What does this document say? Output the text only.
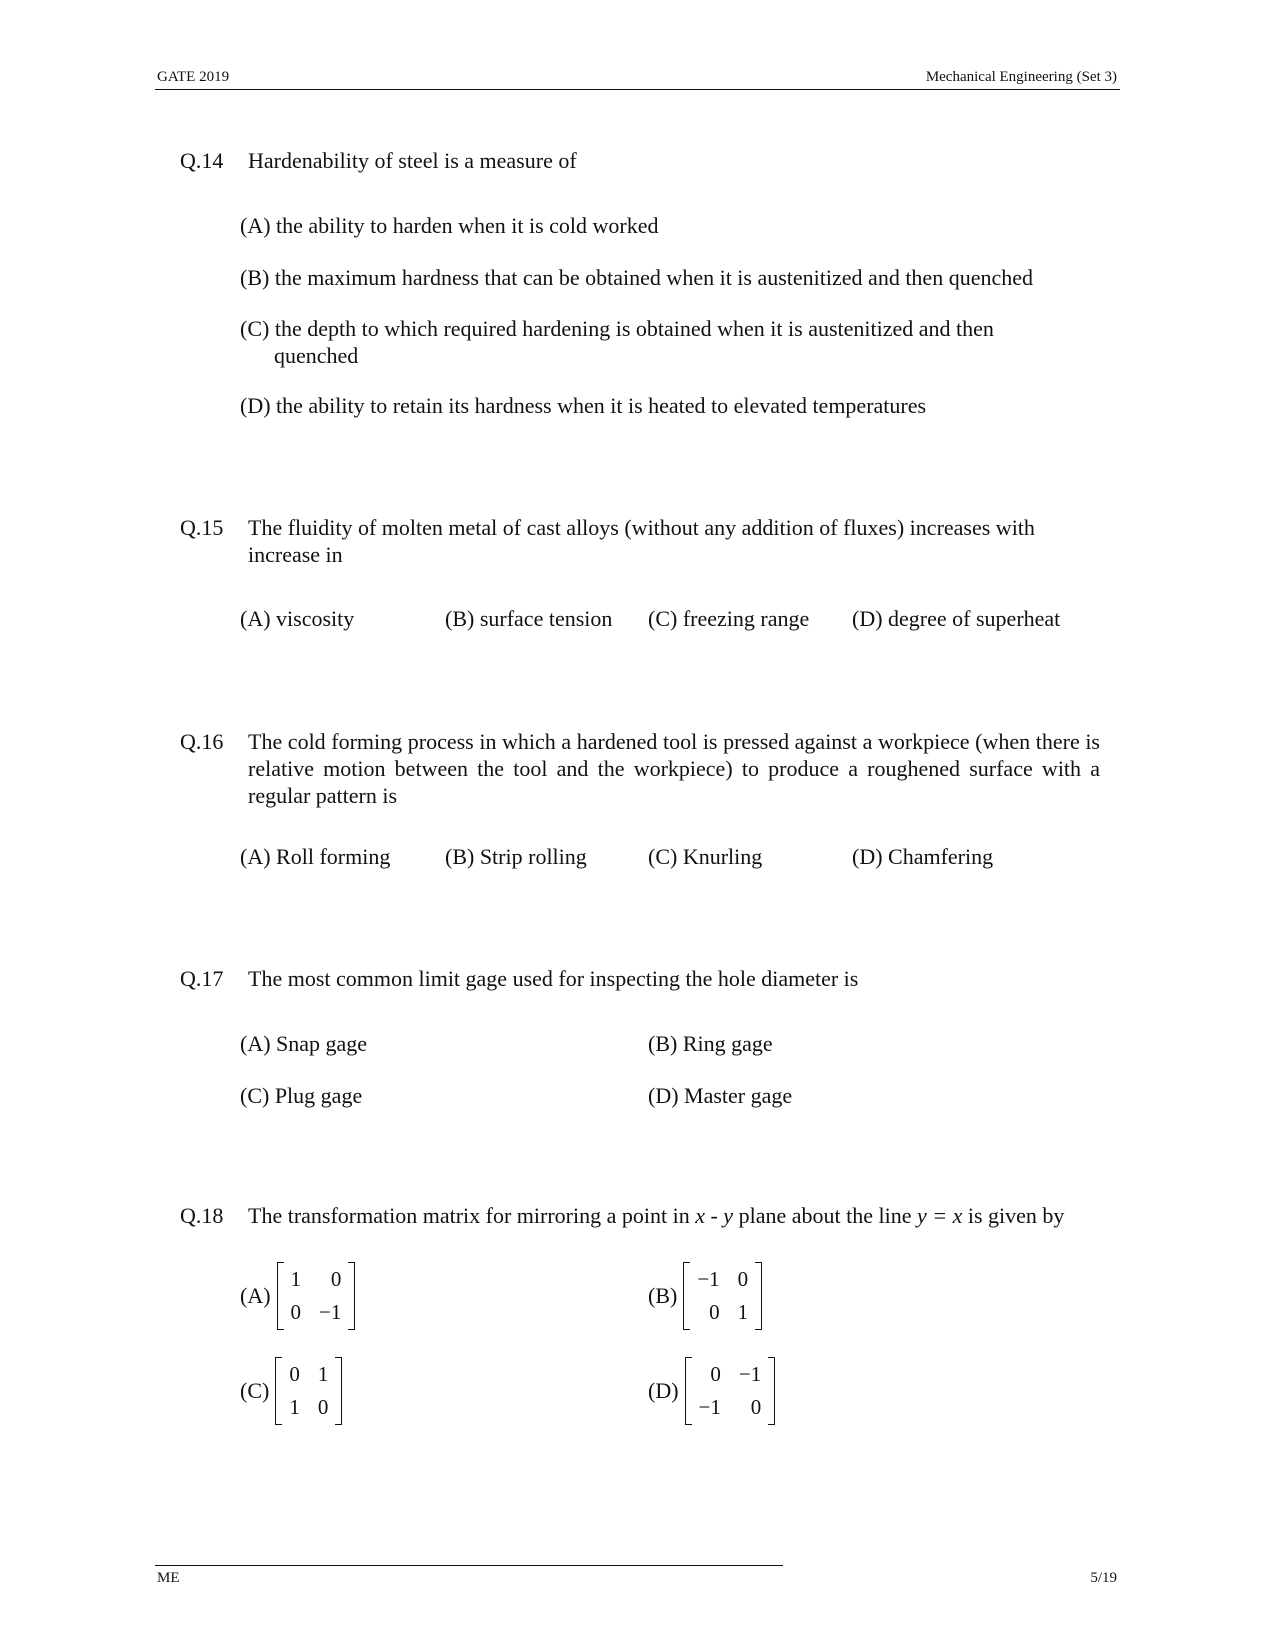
GATE 2019	Mechanical Engineering (Set 3)
Q.14 Hardenability of steel is a measure of
(A) the ability to harden when it is cold worked
(B) the maximum hardness that can be obtained when it is austenitized and then quenched
(C) the depth to which required hardening is obtained when it is austenitized and then
quenched
(D) the ability to retain its hardness when it is heated to elevated temperatures
Q.15 The fluidity of molten metal of cast alloys (without any addition of fluxes) increases with increase in
(A) viscosity	(B) surface tension (C) freezing range (D) degree of superheat
Q.16 The cold forming process in which a hardened tool is pressed against a workpiece (when there is relative motion between the tool and the workpiece) to produce a roughened surface with a regular pattern is
(A) Roll forming (B) Strip rolling	(C) Knurling	(D) Chamfering
Q.17 The most common limit gage used for inspecting the hole diameter is
(A) Snap gage	(B) Ring gage
(C) Plug gage	(D) Master gage
Q.18 The transformation matrix for mirroring a point in x - y plane about the line y = x is given by
(A)
1	0
0	−1
(B)
−1	0
0	1
(C)
0	1
1	0
(D)
0	−1
−1	0
ME	5/19
